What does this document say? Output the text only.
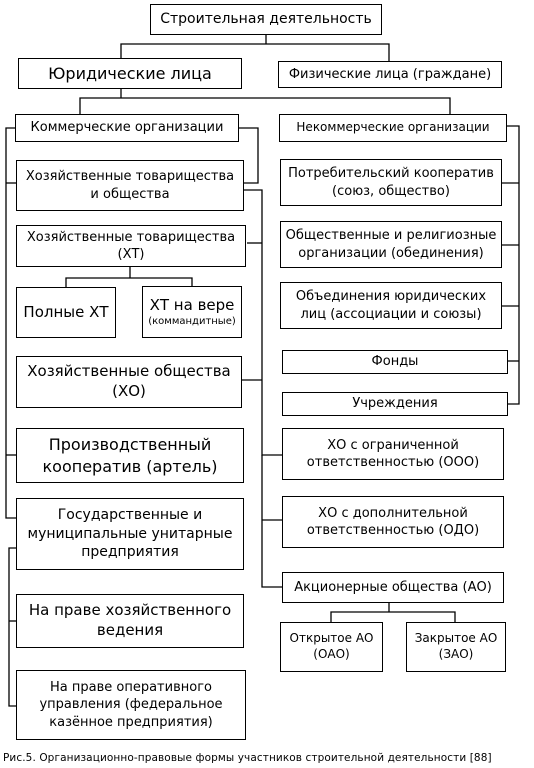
Строительная деятельность
Юридические лица	Физические лица (граждане)
Коммерческие организации	Некоммерческие организации
Хозяйственные товарищества
и общества
Хозяйственные товарищества
(ХТ)
Полные ХТ	ХТ на вере
(коммандитные)
Хозяйственные общества
(ХО)
Производственный
кооператив (артель)
Государственные и
муниципальные унитарные
предприятия
На праве хозяйственного
ведения
На праве оперативного
управления (федеральное
казённое предприятия)
Потребительский кооператив
(союз, общество)
Общественные и религиозные
организации (обединения)
Объединения юридических
лиц (ассоциации и союзы)
Фонды
Учреждения
ХО с ограниченной
ответственностью (ООО)
ХО с дополнительной
ответственностью (ОДО)
Акционерные общества (АО)
Открытое АО
(ОАО)
Закрытое АО
(ЗАО)
Рис.5. Организационно-правовые формы участников строительной деятельности [88]
